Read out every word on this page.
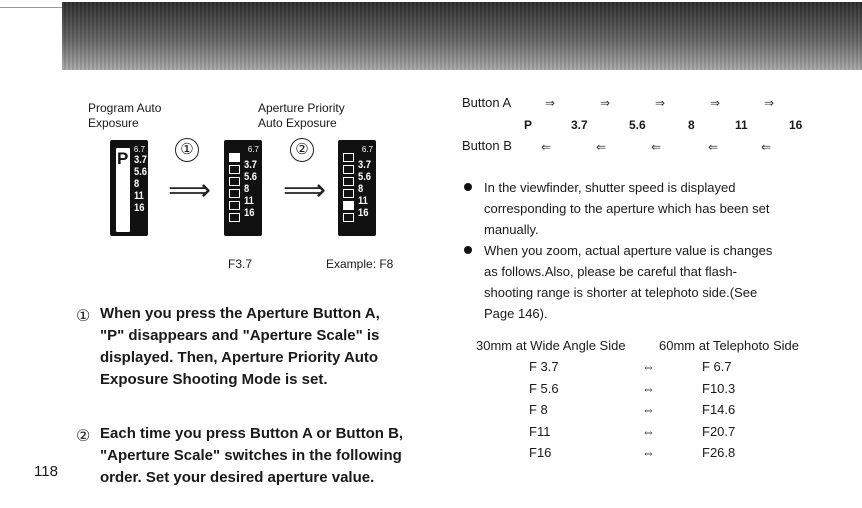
Program Auto
Exposure
Aperture Priority
Auto Exposure
6.7
P 3.7
5.6
8
11
16
①
⟹
6.7
3.7
5.6
8
11
16
②
⟹
6.7
3.7
5.6
8
11
16
F3.7	Example: F8
① When you press the Aperture Button A,
"P" disappears and "Aperture Scale" is
displayed. Then, Aperture Priority Auto
Exposure Shooting Mode is set.
② Each time you press Button A or Button B,
"Aperture Scale" switches in the following
order. Set your desired aperture value.
118
Button A	⇒	⇒	⇒	⇒	⇒
P	3.7	5.6	8	11	16
Button B ⇐	⇐	⇐	⇐	⇐
In the viewfinder, shutter speed is displayed
corresponding to the aperture which has been set
manually.
When you zoom, actual aperture value is changes
as follows.Also, please be careful that flash-
shooting range is shorter at telephoto side.(See
Page 146).
30mm at Wide Angle Side	60mm at Telephoto Side
F 3.7	⇔	F 6.7
F 5.6	⇔	F10.3
F 8	⇔	F14.6
F11	⇔	F20.7
F16	⇔	F26.8
